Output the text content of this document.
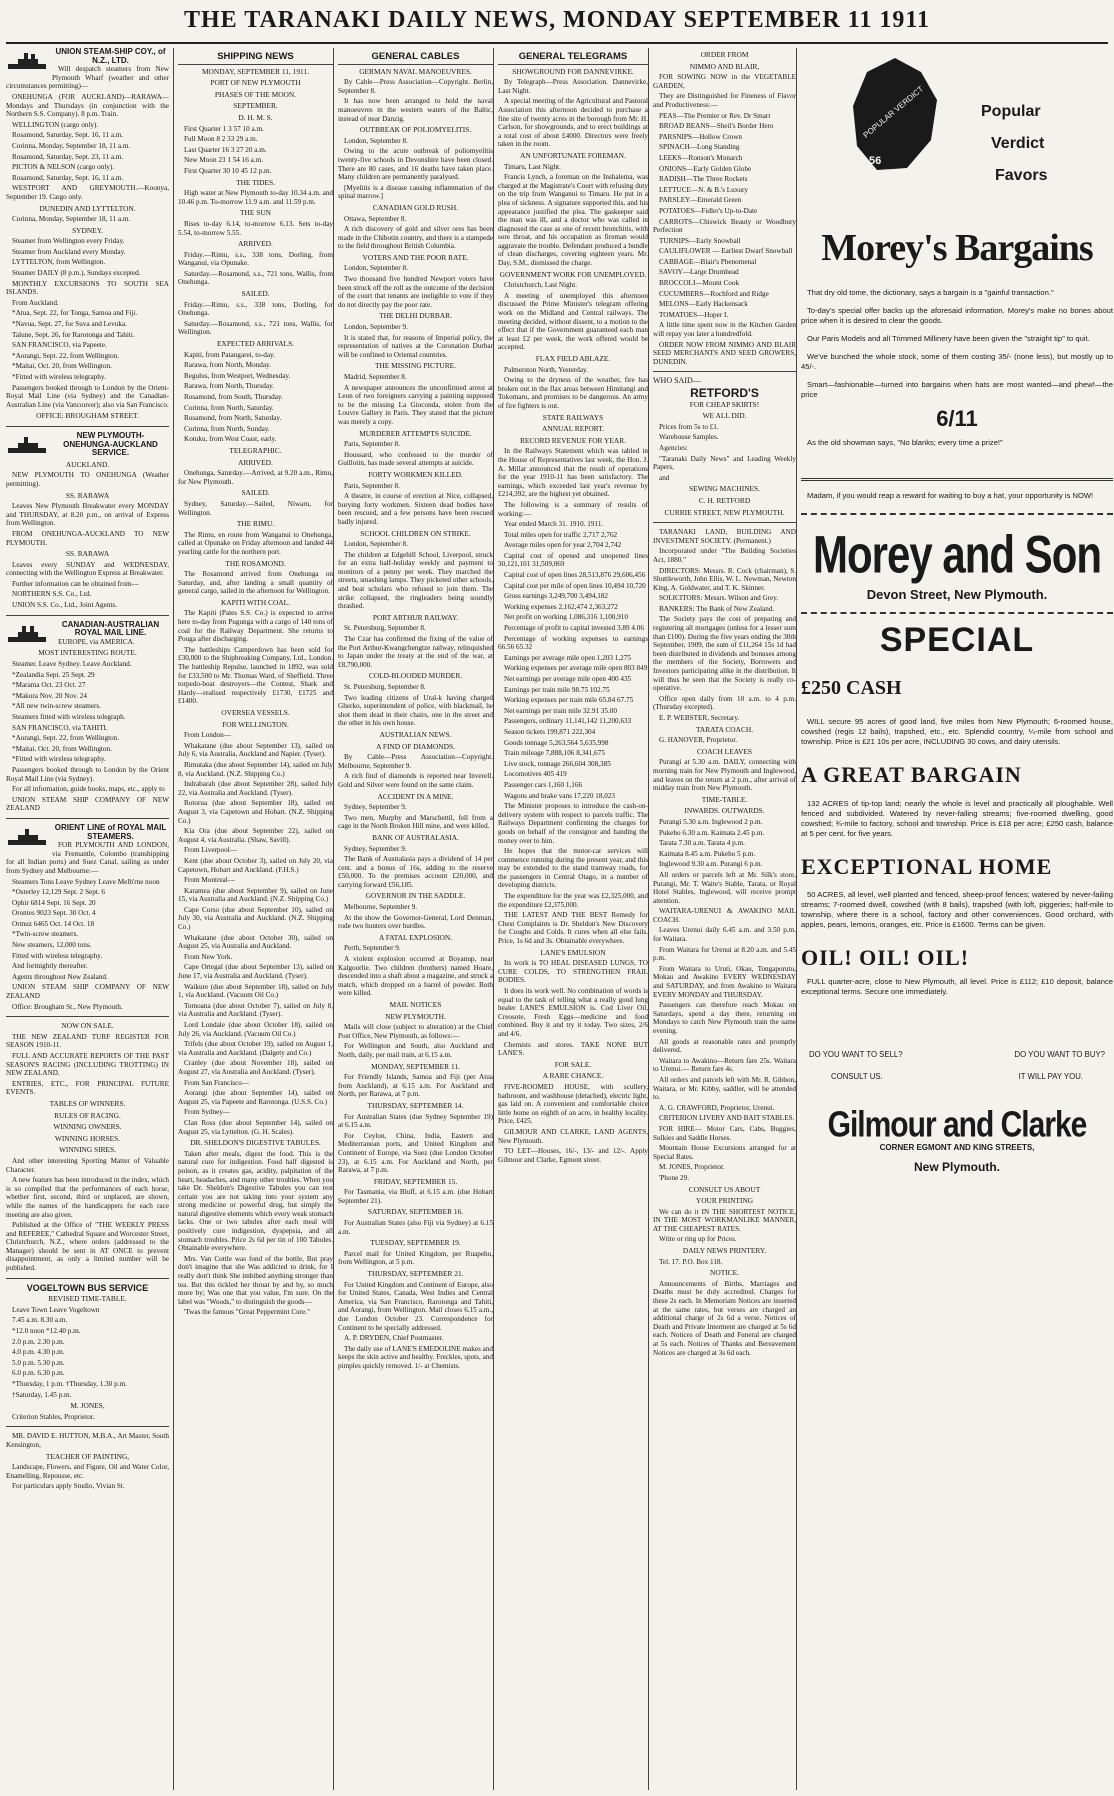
THE TARANAKI DAILY NEWS, MONDAY SEPTEMBER 11 1911
UNION STEAM-SHIP COY., of N.Z., LTD.
Will despatch steamers from New Plymouth Wharf (weather and other circumstances permitting)—
ONEHUNGA (FOR AUCKLAND)—RARAWA—Mondays and Thursdays (in conjunction with the Northern S.S. Company). 8 p.m. Train.
WELLINGTON (cargo only).
Rosamond, Saturday, Sept. 16, 11 a.m.
Corinna, Monday, September 18, 11 a.m.
Rosamond, Saturday, Sept. 23, 11 a.m.
PICTON & NELSON (cargo only).
Rosamond, Saturday, Sept. 16, 11 a.m.
WESTPORT AND GREYMOUTH.—Koonya, September 19. Cargo only.
DUNEDIN AND LYTTELTON.
Corinna, Monday, September 18, 11 a.m.
SYDNEY.
Steamer from Wellington every Friday.
Steamer from Auckland every Monday.
LYTTELTON, from Wellington.
Steamer DAILY (8 p.m.), Sundays excepted.
MONTHLY EXCURSIONS TO SOUTH SEA ISLANDS.
From Auckland.
*Atua, Sept. 22, for Tonga, Samoa and Fiji.
*Navua, Sept. 27, for Suva and Levuka.
Talune, Sept. 26, for Rarotonga and Tahiti.
SAN FRANCISCO, via Papeete.
*Aorangi, Sept. 22, from Wellington.
*Maitai, Oct. 20, from Wellington.
*Fitted with wireless telegraphy.
Passengers booked through to London by the Orient-Royal Mail Line (via Sydney) and the Canadian-Australian Line (via Vancouver); also via San Francisco.
OFFICE: BROUGHAM STREET.
NEW PLYMOUTH-ONEHUNGA-AUCKLAND SERVICE.
AUCKLAND.
NEW PLYMOUTH TO ONEHUNGA (Weather permitting).
SS. RARAWA
Leaves New Plymouth Breakwater every MONDAY and THURSDAY, at 8.20 p.m., on arrival of Express from Wellington.
FROM ONEHUNGA-AUCKLAND TO NEW PLYMOUTH.
SS. RARAWA
Leaves every SUNDAY and WEDNESDAY, connecting with the Wellington Express at Breakwater.
Further information can be obtained from—
NORTHERN S.S. Co., Ltd.
UNION S.S. Co., Ltd., Joint Agents.
CANADIAN-AUSTRALIAN ROYAL MAIL LINE.
EUROPE, via AMERICA.
MOST INTERESTING ROUTE.
Steamer. Leave Sydney. Leave Auckland.
*Zealandia Sept. 25 Sept. 29
*Marama Oct. 23 Oct. 27
*Makura Nov. 20 Nov. 24
*All new twin-screw steamers.
Steamers fitted with wireless telegraph.
SAN FRANCISCO, via TAHITI.
*Aorangi, Sept. 22, from Wellington.
*Maitai, Oct. 20, from Wellington.
*Fitted with wireless telegraphy.
Passengers booked through to London by the Orient Royal Mail Line (via Sydney).
For all information, guide books, maps, etc., apply to
UNION STEAM SHIP COMPANY OF NEW ZEALAND
ORIENT LINE of ROYAL MAIL STEAMERS.
FOR PLYMOUTH AND LONDON, via Fremantle, Colombo (transhipping for all Indian ports) and Suez Canal, sailing as under from Sydney and Melbourne:—
Steamers Tons Leave Sydney Leave Melb'rne noon
*Osterley 12,129 Sept. 2 Sept. 6
Ophir 6814 Sept. 16 Sept. 20
Orontes 9023 Sept. 30 Oct. 4
Ormuz 6465 Oct. 14 Oct. 18
*Twin-screw steamers.
New steamers, 12,000 tons.
Fitted with wireless telegraphy.
And fortnightly thereafter.
Agents throughout New Zealand.
UNION STEAM SHIP COMPANY OF NEW ZEALAND
Office: Brougham St., New Plymouth.
NOW ON SALE.
THE NEW ZEALAND TURF REGISTER FOR SEASON 1910-11.
FULL AND ACCURATE REPORTS OF THE PAST SEASON'S RACING (INCLUDING TROTTING) IN NEW ZEALAND.
ENTRIES, ETC., FOR PRINCIPAL FUTURE EVENTS.
TABLES OF WINNERS.
RULES OF RACING.
WINNING OWNERS.
WINNING HORSES.
WINNING SIRES.
And other interesting Sporting Matter of Valuable Character.
A new feature has been introduced in the index, which is so compiled that the performances of each horse, whether first, second, third or unplaced, are shown, while the names of the handicappers for each race meeting are also given.
Published at the Office of "THE WEEKLY PRESS and REFEREE," Cathedral Square and Worcester Street, Christchurch, N.Z., where orders (addressed to the Manager) should be sent in AT ONCE to prevent disappointment, as only a limited number will be published.
VOGELTOWN BUS SERVICE
REVISED TIME-TABLE.
Leave Town Leave Vogeltown
7.45 a.m. 8.30 a.m.
*12.0 noon *12.40 p.m.
2.0 p.m. 2.30 p.m.
4.0 p.m. 4.30 p.m.
5.0 p.m. 5.30 p.m.
6.0 p.m. 6.30 p.m.
*Thursday, 1 p.m. †Thursday, 1.30 p.m.
†Saturday, 1.45 p.m.
M. JONES,
Criterion Stables, Proprietor.
MR. DAVID E. HUTTON, M.B.A., Art Master, South Kensington,
TEACHER OF PAINTING,
Landscape, Flowers, and Figure, Oil and Water Color, Enamelling, Repousse, etc.
For particulars apply Studio, Vivian St.
SHIPPING NEWS
MONDAY, SEPTEMBER 11, 1911.
PORT OF NEW PLYMOUTH
PHASES OF THE MOON.
SEPTEMBER.
D. H. M. S.
First Quarter 1 3 57 10 a.m.
Full Moon 8 2 33 29 a.m.
Last Quarter 16 3 27 20 a.m.
New Moon 23 1 54 16 a.m.
First Quarter 30 10 45 12 p.m.
THE TIDES.
High water at New Plymouth to-day 10.34 a.m. and 10.46 p.m. To-morrow 11.9 a.m. and 11.59 p.m.
THE SUN
Rises to-day 6.14, to-morrow 6.13. Sets to-day 5.54, to-morrow 5.55.
ARRIVED.
Friday.—Rimu, s.s., 338 tons, Dorling, from Wanganui, via Opunake.
Saturday.—Rosamond, s.s., 721 tons, Wallis, from Onehunga.
SAILED.
Friday.—Rimu, s.s., 338 tons, Dorling, for Onehunga.
Saturday.—Rosamond, s.s., 721 tons, Wallis, for Wellington.
EXPECTED ARRIVALS.
Kapiti, from Patangarei, to-day.
Rarawa, from North, Monday.
Regulus, from Westport, Wednesday.
Rarawa, from North, Thursday.
Rosamond, from South, Thursday.
Corinna, from North, Saturday.
Rosamond, from North, Saturday.
Corinna, from North, Sunday.
Kotuku, from West Coast, early.
TELEGRAPHIC.
ARRIVED.
Onehunga, Saturday.—Arrived, at 9.20 a.m., Rimu, for New Plymouth.
SAILED.
Sydney, Saturday.—Sailed, Niwaru, for Wellington.
THE RIMU.
The Rimu, en route from Wanganui to Onehunga, called at Opunake on Friday afternoon and landed 44 yearling cattle for the northern port.
THE ROSAMOND.
The Rosamond arrived from Onehunga on Saturday, and, after landing a small quantity of general cargo, sailed in the afternoon for Wellington.
KAPITI WITH COAL.
The Kapiti (Pates S.S. Co.) is expected to arrive here to-day from Pugunga with a cargo of 140 tons of coal for the Railway Department. She returns to Pouga after discharging.
The battleships Camperdown has been sold for £30,000 to the Shipbreaking Company, Ltd., London. The battleship Repulse, launched in 1892, was sold for £33,500 to Mr. Thomas Ward, of Sheffield. Three torpedo-boat destroyers—the Contest, Shark and Hardy—realised respectively £1730, £1725 and £1400.
OVERSEA VESSELS.
FOR WELLINGTON.
From London—
Whakatane (due about September 13), sailed on July 6, via Australia, Auckland and Napier. (Tyser).
Rimutaka (due about September 14), sailed on July 8, via Auckland. (N.Z. Shipping Co.)
Indrabarah (due about September 28), sailed July 22, via Australia and Auckland. (Tyser).
Rotorua (due about September 18), sailed on August 3, via Capetown and Hobart. (N.Z. Shipping Co.)
Kia Ora (due about September 22), sailed on August 4, via Australia. (Shaw, Savill).
From Liverpool—
Kent (due about October 3), sailed on July 20, via Capetown, Hobart and Auckland. (F.H.S.)
From Montreal—
Karamea (due about September 9), sailed on June 15, via Australia and Auckland. (N.Z. Shipping Co.)
Cape Corso (due about September 10), sailed on July 30, via Australia and Auckland. (N.Z. Shipping Co.)
Whakatane (due about October 30), sailed on August 25, via Australia and Auckland.
From New York.
Cape Ortegal (due about September 13), sailed on June 17, via Australia and Auckland. (Tyser).
Waikure (due about September 18), sailed on July 1, via Auckland. (Vacuum Oil Co.)
Tomoana (due about October 7), sailed on July 8, via Australia and Auckland. (Tyser).
Lord Londale (due about October 18), sailed on July 26, via Auckland. (Vacuum Oil Co.)
Trifels (due about October 19), sailed on August 1, via Australia and Auckland. (Dalgety and Co.)
Cranley (due about November 18), sailed on August 27, via Australia and Auckland. (Tyser).
From San Francisco—
Aorangi (due about September 14), sailed on August 25, via Papeete and Rarotonga. (U.S.S. Co.)
From Sydney—
Clan Ross (due about September 14), sailed on August 25, via Lyttelton. (G. H. Scales).
DR. SHELDON'S DIGESTIVE TABULES.
Taken after meals, digest the food. This is the natural cure for indigestion. Food half digested is poison, as it creates gas, acidity, palpitation of the heart, headaches, and many other troubles. When you take Dr. Sheldon's Digestive Tabules you can rest certain you are not taking into your system any strong medicine or powerful drug, but simply the natural digestive elements which every weak stomach lacks. One or two tabules after each meal will positively cure indigestion, dyspepsia, and all stomach troubles. Price 2s 6d per tin of 100 Tabules. Obtainable everywhere.
Mrs. Van Cottle was fond of the bottle, But pray don't imagine that she Was addicted to drink, for I really don't think She imbibed anything stronger than tea. But this tickled her throat by and by, so much more by; Was one that you value, I'm sure. On the label was "Woods," to distinguish the goods—
'Twas the famous "Great Peppermint Cure."
GENERAL CABLES
GERMAN NAVAL MANOEUVRES.
By Cable—Press Association—Copyright. Berlin, September 8.
It has now been arranged to hold the naval manoeuvres in the western waters of the Baltic, instead of near Danzig.
OUTBREAK OF POLIOMYELITIS.
London, September 8.
Owing to the acute outbreak of poliomyelitis twenty-five schools in Devonshire have been closed. There are 80 cases, and 16 deaths have taken place. Many children are permanently paralysed.
[Myelitis is a disease causing inflammation of the spinal marrow.]
CANADIAN GOLD RUSH.
Ottawa, September 8.
A rich discovery of gold and silver ores has been made in the Chibotin country, and there is a stampede to the field throughout British Columbia.
VOTERS AND THE POOR RATE.
London, September 8.
Two thousand five hundred Newport voters have been struck off the roll as the outcome of the decision of the court that tenants are ineligible to vote if they do not directly pay the poor rate.
THE DELHI DURBAR.
London, September 9.
It is stated that, for reasons of Imperial policy, the representation of natives at the Coronation Durbar will be confined to Oriental countries.
THE MISSING PICTURE.
Madrid, September 8.
A newspaper announces the unconfirmed arrest at Leon of two foreigners carrying a painting supposed to be the missing La Gioconda, stolen from the Louvre Gallery in Paris. They stated that the picture was merely a copy.
MURDERER ATTEMPTS SUICIDE.
Paris, September 8.
Houssard, who confessed to the murder of Guillotin, has made several attempts at suicide.
FORTY WORKMEN KILLED.
Paris, September 8.
A theatre, in course of erection at Nice, collapsed, burying forty workmen. Sixteen dead bodies have been rescued, and a few persons have been rescued badly injured.
SCHOOL CHILDREN ON STRIKE.
London, September 8.
The children at Edgehill School, Liverpool, struck for an extra half-holiday weekly and payment to monitors of a penny per week. They marched the streets, smashing lamps. They picketed other schools, and beat scholars who refused to join them. The strike collapsed, the ringleaders being soundly thrashed.
PORT ARTHUR RAILWAY.
St. Petersburg, September 8.
The Czar has confirmed the fixing of the value of the Port Arthur-Kwangchengtze railway, relinquished to Japan under the treaty at the end of the war, at £8,790,000.
COLD-BLOODED MURDER.
St. Petersburg, September 8.
Two leading citizens of Ural-k having charged Gherko, superintendent of police, with blackmail, he shot them dead in their chairs, one in the street and the other in his own house.
AUSTRALIAN NEWS.
A FIND OF DIAMONDS.
By Cable—Press Association—Copyright. Melbourne, September 9.
A rich find of diamonds is reported near Inverell. Gold and Silver were found on the same claim.
ACCIDENT IN A MINE.
Sydney, September 9.
Two men, Murphy and Marschettil, fell from a cage in the North Broken Hill mine, and were killed.
BANK OF AUSTRALASIA.
Sydney, September 9.
The Bank of Australasia pays a dividend of 14 per cent. and a bonus of 16s, adding to the reserve £50,000. To the premises account £20,000, and carrying forward £56,185.
GOVERNOR IN THE SADDLE.
Melbourne, September 9.
At the show the Governor-General, Lord Denman, rode two hunters over hurdles.
A FATAL EXPLOSION.
Perth, September 9.
A violent explosion occurred at Boyanup, near Kalgoorlie. Two children (brothers) named Hoare, descended into a shaft about a magazine, and struck a match, which dropped on a barrel of powder. Both were killed.
MAIL NOTICES
NEW PLYMOUTH.
Mails will close (subject to alteration) at the Chief Post Office, New Plymouth, as follows:—
For Wellington and South, also Auckland and North, daily, per mail train, at 6.15 a.m.
MONDAY, SEPTEMBER 11.
For Friendly Islands, Samoa and Fiji (per Atua from Auckland), at 6.15 a.m. For Auckland and North, per Rarawa, at 7 p.m.
THURSDAY, SEPTEMBER 14.
For Australian States (due Sydney September 19) at 6.15 a.m.
For Ceylon, China, India, Eastern and Mediterranean ports, and United Kingdom and Continent of Europe, via Suez (due London October 23), at 6.15 a.m. For Auckland and North, per Rarawa, at 7 p.m.
FRIDAY, SEPTEMBER 15.
For Tasmania, via Bluff, at 6.15 a.m. (due Hobart September 21).
SATURDAY, SEPTEMBER 16.
For Australian States (also Fiji via Sydney) at 6.15 a.m.
TUESDAY, SEPTEMBER 19.
Parcel mail for United Kingdom, per Ruapehu, from Wellington, at 5 p.m.
THURSDAY, SEPTEMBER 21.
For United Kingdom and Continent of Europe, also for United States, Canada, West Indies and Central America, via San Francisco, Rarotonga and Tahiti, and Aorangi, from Wellington. Mail closes 6.15 a.m., due London October 23. Correspondence for Continent to be specially addressed.
A. P. DRYDEN, Chief Postmaster.
The daily use of LANE'S EMEDOLINE makes and keeps the skin active and healthy. Freckles, spots, and pimples quickly removed. 1/- at Chemists.
GENERAL TELEGRAMS
SHOWGROUND FOR DANNEVIRKE.
By Telegraph—Press Association. Dannevirke, Last Night.
A special meeting of the Agricultural and Pastoral Association this afternoon decided to purchase a fine site of twenty acres in the borough from Mr. H. Carlson, for showgrounds, and to erect buildings at a total cost of about £4000. Directors were freely taken in the room.
AN UNFORTUNATE FOREMAN.
Timaru, Last Night.
Francis Lynch, a foreman on the Inshalema, was charged at the Magistrate's Court with refusing duty on the trip from Wanganui to Timaru. He put in a plea of sickness. A signature supported this, and his appearance justified the plea. The gaskeeper said the man was ill, and a doctor who was called in diagnosed the case as one of recent bronchitis, with sore throat, and his occupation as fireman would aggravate the trouble. Defendant produced a bundle of clean discharges, covering eighteen years. Mr. Day, S.M., dismissed the charge.
GOVERNMENT WORK FOR UNEMPLOYED.
Christchurch, Last Night.
A meeting of unemployed this afternoon discussed the Prime Minister's telegram offering work on the Midland and Central railways. The meeting decided, without dissent, to a motion to the effect that if the Government guaranteed each man at least £2 per week, the work offered would be accepted.
FLAX FIELD ABLAZE.
Palmerston North, Yesterday.
Owing to the dryness of the weather, fire has broken out in the flax areas between Himitangi and Tokomaru, and promises to be dangerous. An army of fire fighters is out.
STATE RAILWAYS
ANNUAL REPORT.
RECORD REVENUE FOR YEAR.
In the Railways Statement which was tabled in the House of Representatives last week, the Hon. J. A. Millar announced that the result of operations for the year 1910-11 has been satisfactory. The earnings, which exceeded last year's revenue by £214,392, are the highest yet obtained.
The following is a summary of results of working:—
Year ended March 31. 1910. 1911.
Total miles open for traffic 2,717 2,762
Average miles open for year 2,704 2,742
Capital cost of opened and unopened lines 30,121,101 31,509,069
Capital cost of open lines 28,513,876 29,606,456
Capital cost per mile of open lines 10,494 10,720
Gross earnings 3,249,700 3,494,182
Working expenses 2,162,474 2,363,272
Net profit on working 1,086,316 1,100,910
Percentage of profit to capital invested 3.89 4.06
Percentage of working expenses to earnings 66.56 65.32
Earnings per average mile open 1,203 1,275
Working expenses per average mile open 803 849
Net earnings per average mile open 400 435
Earnings per train mile 98.75 102.75
Working expenses per train mile 65.84 67.75
Net earnings per train mile 32.91 35.00
Passengers, ordinary 11,141,142 11,200,633
Season tickets 199,871 222,304
Goods tonnage 5,263,564 5,635,998
Train mileage 7,888,106 8,341,675
Live stock, tonnage 266,604 308,385
Locomotives 405 419
Passenger cars 1,160 1,166
Wagons and brake vans 17,220 18,023
The Minister proposes to introduce the cash-on-delivery system with respect to parcels traffic. The Railways Department confirming the charges for goods on behalf of the consignor and handing the money over to him.
He hopes that the motor-car services will commence running during the present year, and this may be extended to the stand tramway roads, for the passengers in Central Otago, in a number of developing districts.
The expenditure for the year was £2,325,000, and the expenditure £2,375,000.
THE LATEST AND THE BEST Remedy for Chest Complaints is Dr. Sheldon's New Discovery for Coughs and Colds. It cures when all else fails. Price, 1s 6d and 3s. Obtainable everywhere.
LANE'S EMULSION
Its work is TO HEAL DISEASED LUNGS, TO CURE COLDS, TO STRENGTHEN FRAIL BODIES.
It does its work well. No combination of words is equal to the task of telling what a really good lung healer LANE'S EMULSION is. Cod Liver Oil, Creosote, Fresh Eggs—medicine and food combined. Buy it and try it today. Two sizes, 2/6 and 4/6.
Chemists and stores. TAKE NONE BUT LANE'S.
FOR SALE.
A RARE CHANCE.
FIVE-ROOMED HOUSE, with scullery, bathroom, and washhouse (detached), electric light, gas laid on. A convenient and comfortable choice little home on eighth of an acre, in healthy locality. Price, £425.
GILMOUR AND CLARKE, LAND AGENTS, New Plymouth.
TO LET—Houses, 16/-, 13/- and 12/-. Apply Gilmour and Clarke, Egmont street.
ORDER FROM
NIMMO AND BLAIR,
FOR SOWING NOW in the VEGETABLE GARDEN,
They are Distinguished for Fineness of Flavor and Productiveness:—
PEAS—The Premier or Rev. Dr Smart
BROAD BEANS—Sheil's Border Hero
PARSNIPS—Hollow Crown
SPINACH—Long Standing
LEEKS—Ronson's Monarch
ONIONS—Early Golden Globe
RADISH—The Three Rockets
LETTUCE—N. & B.'s Luxury
PARSLEY—Emerald Green
POTATOES—Fidler's Up-to-Date
CARROTS—Chiswick Beauty or Woodbury Perfection
TURNIPS—Early Snowball
CAULIFLOWER — Earliest Dwarf Snowball
CABBAGE—Blair's Phenomenal
SAVOY—Large Drumhead
BROCCOLI—Mount Cook
CUCUMBERS—Rochford and Ridge
MELONS—Early Hackensack
TOMATOES—Hoper I.
A little time spent now in the Kitchen Garden will repay you later a hundredfold.
ORDER NOW FROM NIMMO AND BLAIR SEED MERCHANTS AND SEED GROWERS, DUNEDIN.
WHO SAID—
RETFORD'S
FOR CHEAP SKIRTS!
WE ALL DID.
Prices from 5s to £1.
Warehouse Samples.
Agencies:
"Taranaki Daily News" and Leading Weekly Papers,
and
SEWING MACHINES.
C. H. RETFORD
CURRIE STREET, NEW PLYMOUTH.
TARANAKI LAND, BUILDING AND INVESTMENT SOCIETY. (Permanent.)
Incorporated under "The Building Societies Act, 1880."
DIRECTORS: Messrs. R. Cock (chairman), S. Shuttleworth, John Ellis, W. L. Newman, Newton King, A. Goldwater, and T. K. Skinner.
SOLICITORS: Messrs. Wilson and Grey.
BANKERS: The Bank of New Zealand.
The Society pays the cost of preparing and registering all mortgages (unless for a lesser sum than £100). During the five years ending the 30th September, 1909, the sum of £11,264 15s 1d had been distributed in dividends and bonuses among the members of the Society, Borrowers and Investors participating alike in the distribution. It will thus be seen that the Society is really co-operative.
Office open daily from 10 a.m. to 4 p.m. (Thursday excepted).
E. P. WEBSTER, Secretary.
TARATA COACH.
G. HANOVER, Proprietor.
COACH LEAVES
Purangi at 5.30 a.m. DAILY, connecting with morning train for New Plymouth and Inglewood, and leaves on the return at 2 p.m., after arrival of midday train from New Plymouth.
TIME-TABLE.
INWARDS. OUTWARDS.
Purangi 5.30 a.m. Inglewood 2 p.m.
Pukeho 6.30 a.m. Kaimata 2.45 p.m.
Tarata 7.30 a.m. Tarata 4 p.m.
Kaimata 8.45 a.m. Pukeho 5 p.m.
Inglewood 9.30 a.m. Purangi 6 p.m.
All orders or parcels left at Mr. Silk's store, Purangi, Mr. T. Waite's Stable, Tarata, or Royal Hotel Stables, Inglewood, will receive prompt attention.
WAITARA-URENUI & AWAKINO MAIL COACH.
Leaves Urenui daily 6.45 a.m. and 3.50 p.m. for Waitara.
From Waitara for Urenui at 8.20 a.m. and 5.45 p.m.
From Waitara to Uruti, Okau, Tongaporutu, Mokau and Awakino EVERY WEDNESDAY and SATURDAY, and from Awakino to Waitara EVERY MONDAY and THURSDAY.
Passengers can therefore reach Mokau on Saturdays, spend a day there, returning on Mondays to catch New Plymouth train the same evening.
All goods at reasonable rates and promptly delivered.
Waitara to Awakino—Return fare 25s. Waitara to Urenui.— Return fare 4s.
All orders and parcels left with Mr. R. Gibbon, Waitara, or Mr. Kibby, saddler, will be attended to.
A. G. CRAWFORD, Proprietor, Urenui.
CRITERION LIVERY AND BAIT STABLES.
FOR HIRE— Motor Cars, Cabs, Buggies, Sulkies and Saddle Horses.
Mountain House Excursions arranged for at Special Rates.
M. JONES, Proprietor.
'Phone 29.
CONSULT US ABOUT
YOUR PRINTING
We can do it IN THE SHORTEST NOTICE, IN THE MOST WORKMANLIKE MANNER, AT THE CHEAPEST RATES.
Write or ring up for Prices.
DAILY NEWS PRINTERY.
Tel. 17. P.O. Box 118.
NOTICE.
Announcements of Births, Marriages and Deaths must be duly accredited. Charges for these 2s each. In Memoriam Notices are inserted at the same rates, but verses are charged an additional charge of 2s 6d a verse. Notices of Death and Private Interment are charged at 5s 6d each. Notices of Death and Funeral are charged at 5s each. Notices of Thanks and Bereavement Notices are charged at 3s 6d each.
POPULAR VERDICT
56
Popular
Verdict
Favors
Morey's Bargains

That dry old tome, the dictionary, says a bargain is a "gainful transaction."

To-day's special offer backs up the aforesaid information. Morey's make no bones about price when it is desired to clear the goods.

Our Paris Models and all Trimmed Millinery have been given the "straight tip" to quit.

We've bunched the whole stock, some of them costing 35/- (none less), but mostly up to 45/-.

Smart—fashionable—turned into bargains when hats are most wanted—and phew!—the price

6/11

As the old showman says, "No blanks; every time a prize!"

Madam, if you would reap a reward for waiting to buy a hat, your opportunity is NOW!

Morey and Son
Devon Street, New Plymouth.
SPECIAL
£250 CASH

WILL secure 95 acres of good land, five miles from New Plymouth; 6-roomed house, cowshed (regis 12 bails), trapshed, etc., etc. Splendid country, ¼-mile from school and township. Price is £21 10s per acre, INCLUDING 30 cows, and dairy utensils.

A GREAT BARGAIN

132 ACRES of tip-top land; nearly the whole is level and practically all ploughable. Well fenced and subdivided. Watered by never-failing streams; five-roomed dwelling, good cowshed; ¾-mile to factory, school and township. Price is £18 per acre; £250 cash, balance at 5 per cent. for five years.

EXCEPTIONAL HOME

50 ACRES, all level, well planted and fenced, sheep-proof fences; watered by never-failing streams; 7-roomed dwell, cowshed (with 8 bails), trapshed (with loft, piggeries; half-mile to township, where there is a school, factory and other conveniences. Good orchard, with apples, pears, lemons, oranges, etc. Price is £1600. Terms can be given.

OIL! OIL! OIL!

FULL quarter-acre, close to New Plymouth, all level. Price is £112; £10 deposit, balance exceptional terms. Secure one immediately.

DO YOU WANT TO SELL?	DO YOU WANT TO BUY?
CONSULT US.	IT WILL PAY YOU.
Gilmour and Clarke
CORNER EGMONT AND KING STREETS,
New Plymouth.
